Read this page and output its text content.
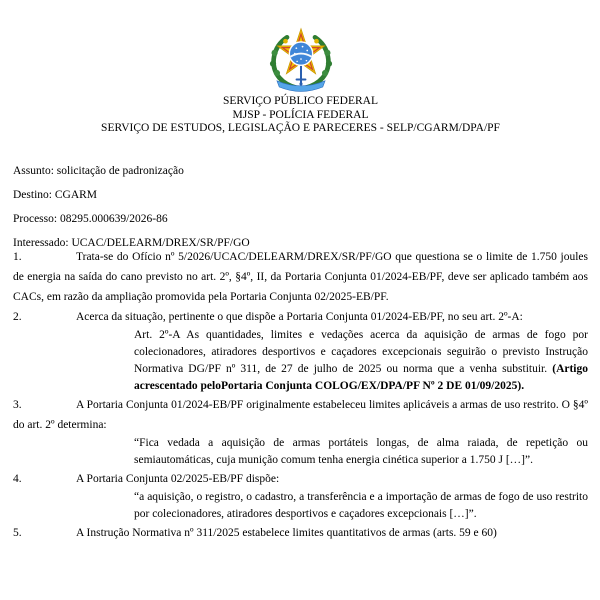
SERVIÇO PÚBLICO FEDERAL
MJSP - POLÍCIA FEDERAL
SERVIÇO DE ESTUDOS, LEGISLAÇÃO E PARECERES - SELP/CGARM/DPA/PF
Assunto: solicitação de padronização
Destino: CGARM
Processo: 08295.000639/2026-86
Interessado: UCAC/DELEARM/DREX/SR/PF/GO
1.	Trata-se do Ofício nº 5/2026/UCAC/DELEARM/DREX/SR/PF/GO que questiona se o limite de 1.750 joules de energia na saída do cano previsto no art. 2º, §4º, II, da Portaria Conjunta 01/2024-EB/PF, deve ser aplicado também aos CACs, em razão da ampliação promovida pela Portaria Conjunta 02/2025-EB/PF.
2.	Acerca da situação, pertinente o que dispõe a Portaria Conjunta 01/2024-EB/PF, no seu art. 2º-A:
Art. 2º-A As quantidades, limites e vedações acerca da aquisição de armas de fogo por colecionadores, atiradores desportivos e caçadores excepcionais seguirão o previsto Instrução Normativa DG/PF nº 311, de 27 de julho de 2025 ou norma que a venha substituir. (Artigo acrescentado peloPortaria Conjunta COLOG/EX/DPA/PF Nº 2 DE 01/09/2025).
3.	A Portaria Conjunta 01/2024-EB/PF originalmente estabeleceu limites aplicáveis a armas de uso restrito. O §4º do art. 2º determina:
“Fica vedada a aquisição de armas portáteis longas, de alma raiada, de repetição ou semiautomáticas, cuja munição comum tenha energia cinética superior a 1.750 J […]”.
4.	A Portaria Conjunta 02/2025-EB/PF dispõe:
“a aquisição, o registro, o cadastro, a transferência e a importação de armas de fogo de uso restrito por colecionadores, atiradores desportivos e caçadores excepcionais […]”.
5.	A Instrução Normativa nº 311/2025 estabelece limites quantitativos de armas (arts. 59 e 60)
